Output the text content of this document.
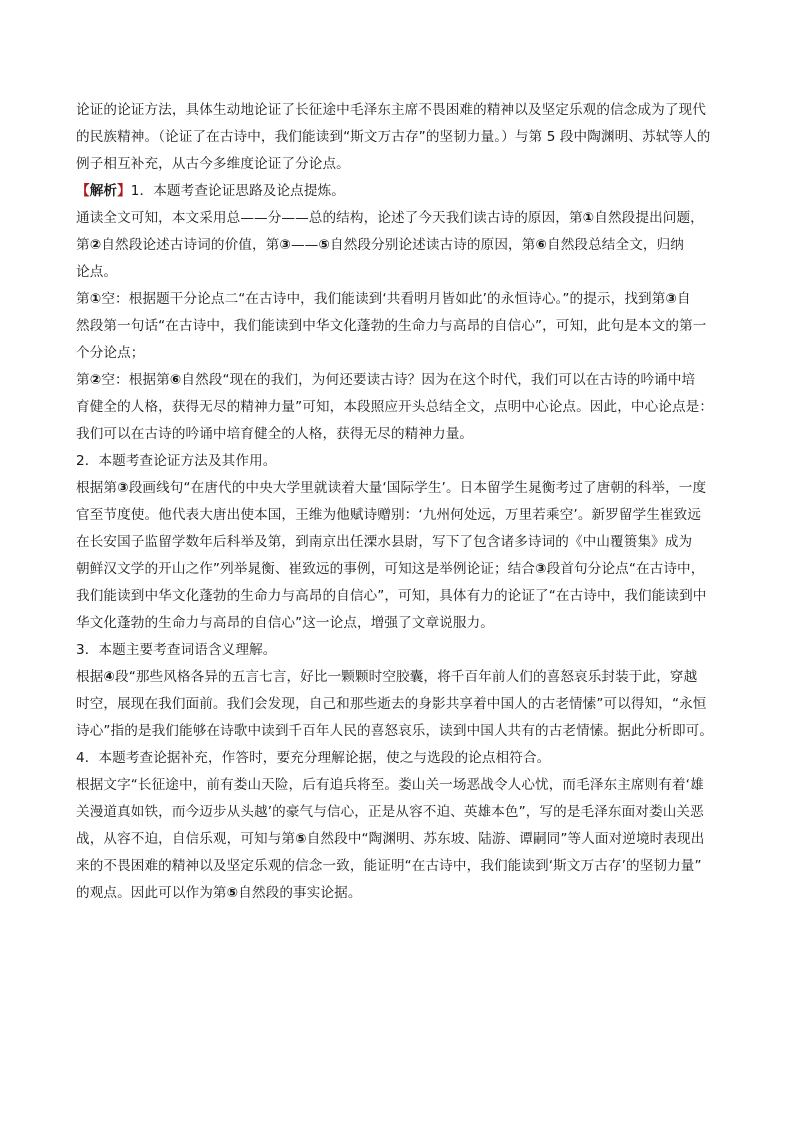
论证的论证方法，具体生动地论证了长征途中毛泽东主席不畏困难的精神以及坚定乐观的信念成为了现代
的民族精神。（论证了在古诗中，我们能读到“斯文万古存”的坚韧力量。）与第 5 段中陶渊明、苏轼等人的
例子相互补充，从古今多维度论证了分论点。
【解析】1．本题考查论证思路及论点提炼。
通读全文可知，本文采用总——分——总的结构，论述了今天我们读古诗的原因，第①自然段提出问题，
第②自然段论述古诗词的价值，第③——⑤自然段分别论述读古诗的原因，第⑥自然段总结全文，归纳
论点。
第①空：根据题干分论点二“在古诗中，我们能读到‘共看明月皆如此’的永恒诗心。”的提示，找到第③自
然段第一句话“在古诗中，我们能读到中华文化蓬勃的生命力与高昂的自信心”，可知，此句是本文的第一
个分论点；
第②空：根据第⑥自然段“现在的我们，为何还要读古诗？因为在这个时代，我们可以在古诗的吟诵中培
育健全的人格，获得无尽的精神力量”可知，本段照应开头总结全文，点明中心论点。因此，中心论点是：
我们可以在古诗的吟诵中培育健全的人格，获得无尽的精神力量。
2．本题考查论证方法及其作用。
根据第③段画线句“在唐代的中央大学里就读着大量‘国际学生’。日本留学生晁衡考过了唐朝的科举，一度
官至节度使。他代表大唐出使本国，王维为他赋诗赠别：‘九州何处远，万里若乘空’。新罗留学生崔致远
在长安国子监留学数年后科举及第，到南京出任溧水县尉，写下了包含诸多诗词的《中山覆篑集》成为
朝鲜汉文学的开山之作”列举晁衡、崔致远的事例，可知这是举例论证；结合③段首句分论点“在古诗中，
我们能读到中华文化蓬勃的生命力与高昂的自信心”，可知，具体有力的论证了“在古诗中，我们能读到中
华文化蓬勃的生命力与高昂的自信心”这一论点，增强了文章说服力。
3．本题主要考查词语含义理解。
根据④段“那些风格各异的五言七言，好比一颗颗时空胶囊，将千百年前人们的喜怒哀乐封装于此，穿越
时空，展现在我们面前。我们会发现，自己和那些逝去的身影共享着中国人的古老情愫”可以得知，“永恒
诗心”指的是我们能够在诗歌中读到千百年人民的喜怒哀乐，读到中国人共有的古老情愫。据此分析即可。
4．本题考查论据补充，作答时，要充分理解论据，使之与选段的论点相符合。
根据文字“长征途中，前有娄山天险，后有追兵将至。娄山关一场恶战令人心忧，而毛泽东主席则有着‘雄
关漫道真如铁，而今迈步从头越’的豪气与信心，正是从容不迫、英雄本色”，写的是毛泽东面对娄山关恶
战，从容不迫，自信乐观，可知与第⑤自然段中“陶渊明、苏东坡、陆游、谭嗣同”等人面对逆境时表现出
来的不畏困难的精神以及坚定乐观的信念一致，能证明“在古诗中，我们能读到‘斯文万古存’的坚韧力量”
的观点。因此可以作为第⑤自然段的事实论据。
